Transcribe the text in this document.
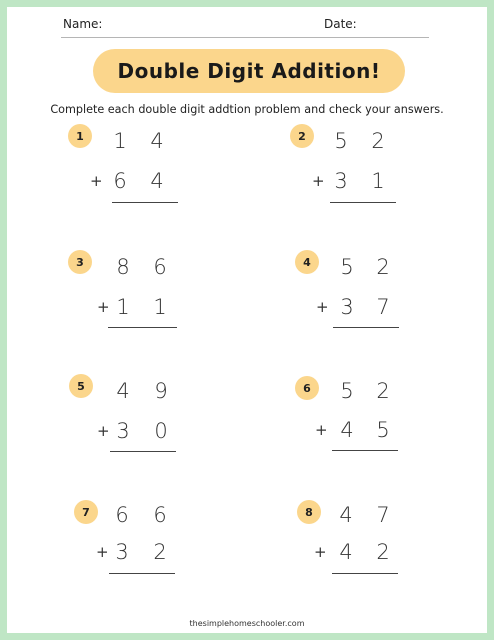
Name:	Date:
Double Digit Addition!
Complete each double digit addtion problem and check your answers.
1	1 4
+ 6 4
2	5 2
+ 3 1
3	8 6
+ 1 1
4	5 2
+ 3 7
5	4 9
+ 3 0
6	5 2
+ 4 5
7	6 6
+ 3 2
8	4 7
+ 4 2
thesimplehomeschooler.com
